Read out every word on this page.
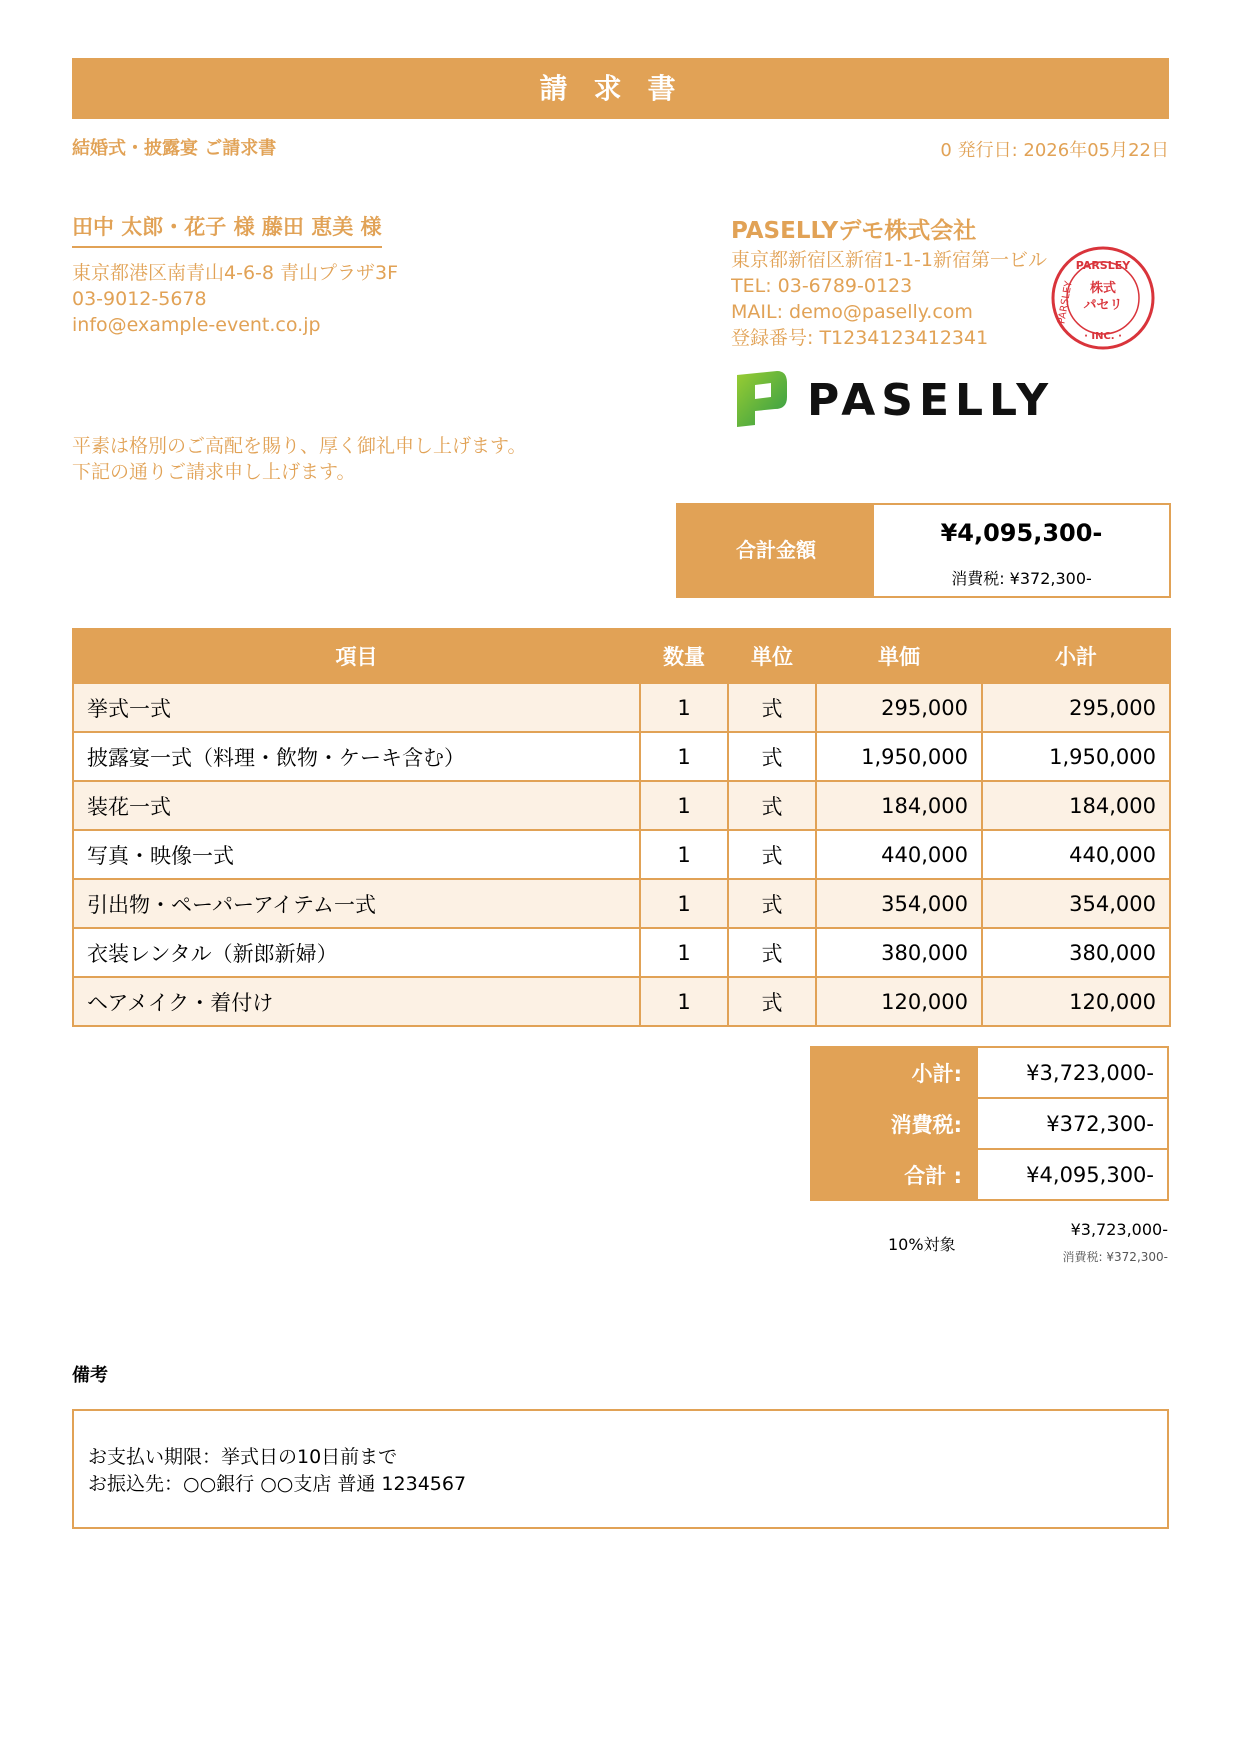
請求書
結婚式・披露宴 ご請求書	0 発行日: 2026年05月22日
田中 太郎・花子 様 藤田 恵美 様
東京都港区南青山4-6-8 青山プラザ3F
03-9012-5678
info@example-event.co.jp
PASELLYデモ株式会社
東京都新宿区新宿1-1-1新宿第一ビル
TEL: 03-6789-0123
MAIL: demo@paselly.com
登録番号: T1234123412341
PARSLEY
株式
パセリ
· INC. ·
PARSLEY
PASELLY
平素は格別のご高配を賜り、厚く御礼申し上げます。
下記の通りご請求申し上げます。
合計金額
¥4,095,300-
消費税: ¥372,300-
項目	数量	単位	単価	小計
挙式一式	1	式	295,000	295,000
披露宴一式（料理・飲物・ケーキ含む）	1	式	1,950,000	1,950,000
装花一式	1	式	184,000	184,000
写真・映像一式	1	式	440,000	440,000
引出物・ペーパーアイテム一式	1	式	354,000	354,000
衣装レンタル（新郎新婦）	1	式	380,000	380,000
ヘアメイク・着付け	1	式	120,000	120,000
小計:	¥3,723,000-
消費税:	¥372,300-
合計 :	¥4,095,300-
10%対象
¥3,723,000-
消費税: ¥372,300-
備考
お支払い期限：挙式日の10日前まで
お振込先：○○銀行 ○○支店 普通 1234567
